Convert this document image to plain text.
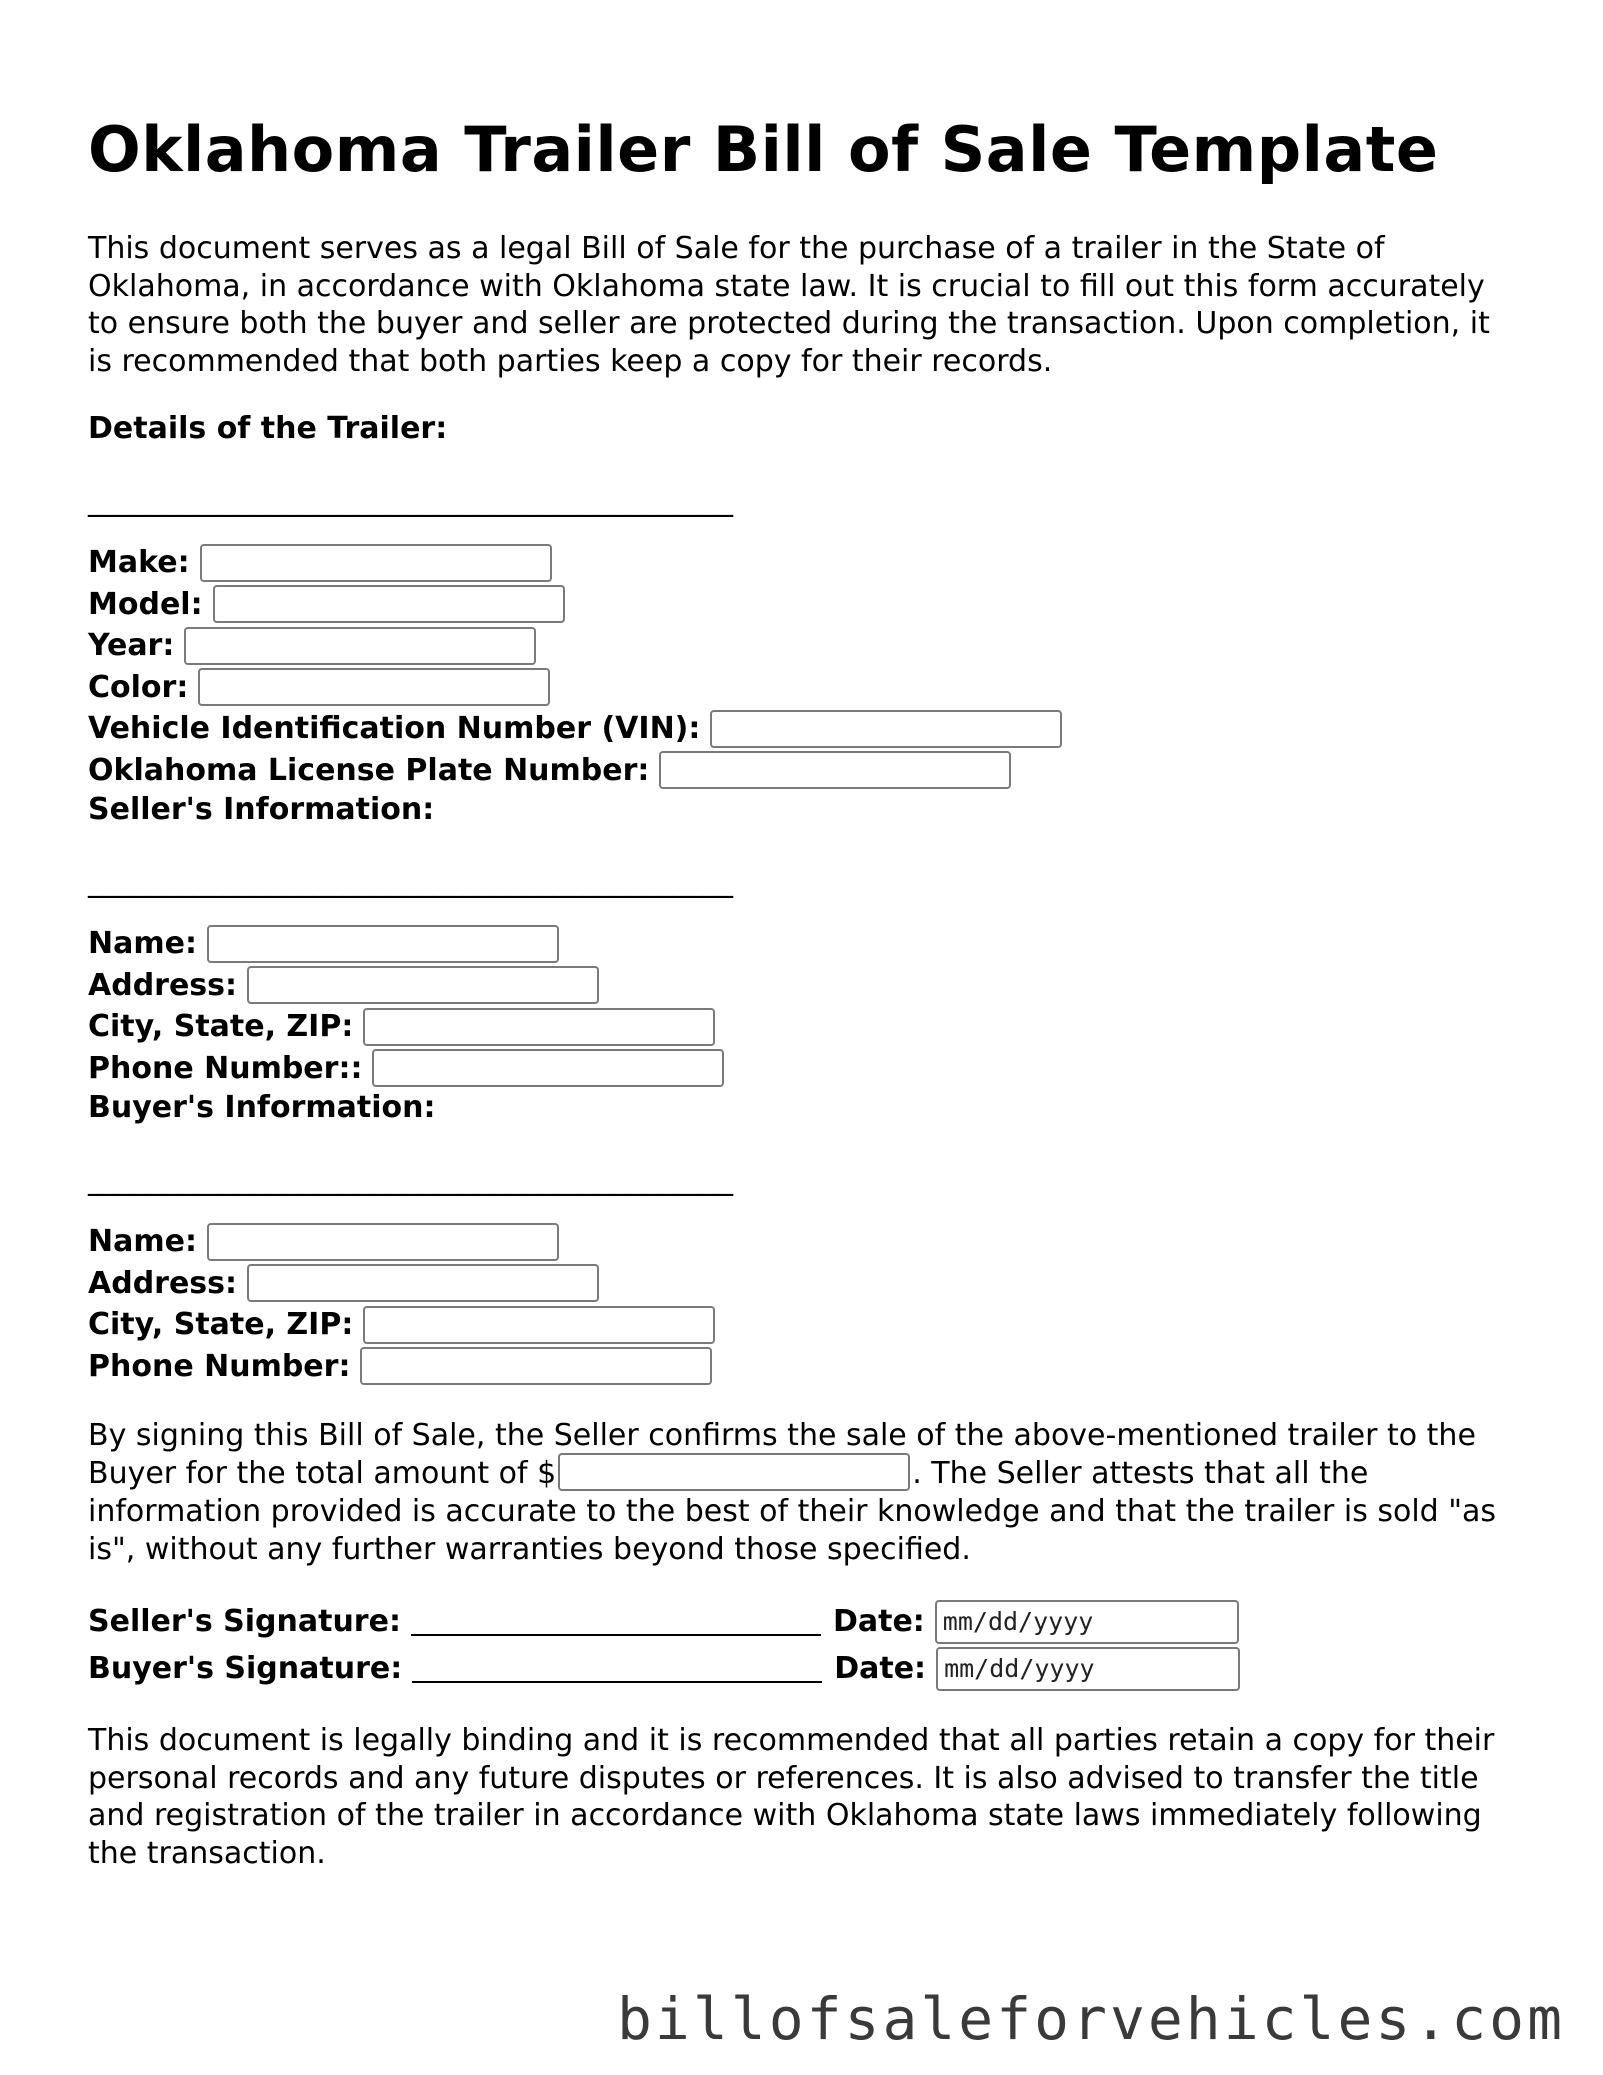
Oklahoma Trailer Bill of Sale Template

This document serves as a legal Bill of Sale for the purchase of a trailer in the State of Oklahoma, in accordance with Oklahoma state law. It is crucial to fill out this form accurately to ensure both the buyer and seller are protected during the transaction. Upon completion, it is recommended that both parties keep a copy for their records.

Details of the Trailer:
___________________________________________
Make:
Model:
Year:
Color:
Vehicle Identification Number (VIN):
Oklahoma License Plate Number:
Seller's Information:
___________________________________________
Name:
Address:
City, State, ZIP:
Phone Number::
Buyer's Information:
___________________________________________
Name:
Address:
City, State, ZIP:
Phone Number:

By signing this Bill of Sale, the Seller confirms the sale of the above-mentioned trailer to the Buyer for the total amount of $	. The Seller attests that all the information provided is accurate to the best of their knowledge and that the trailer is sold "as is", without any further warranties beyond those specified.

Seller's Signature:	Date: mm/dd/yyyy
Buyer's Signature:	Date: mm/dd/yyyy

This document is legally binding and it is recommended that all parties retain a copy for their personal records and any future disputes or references. It is also advised to transfer the title and registration of the trailer in accordance with Oklahoma state laws immediately following the transaction.

billofsaleforvehicles.com
